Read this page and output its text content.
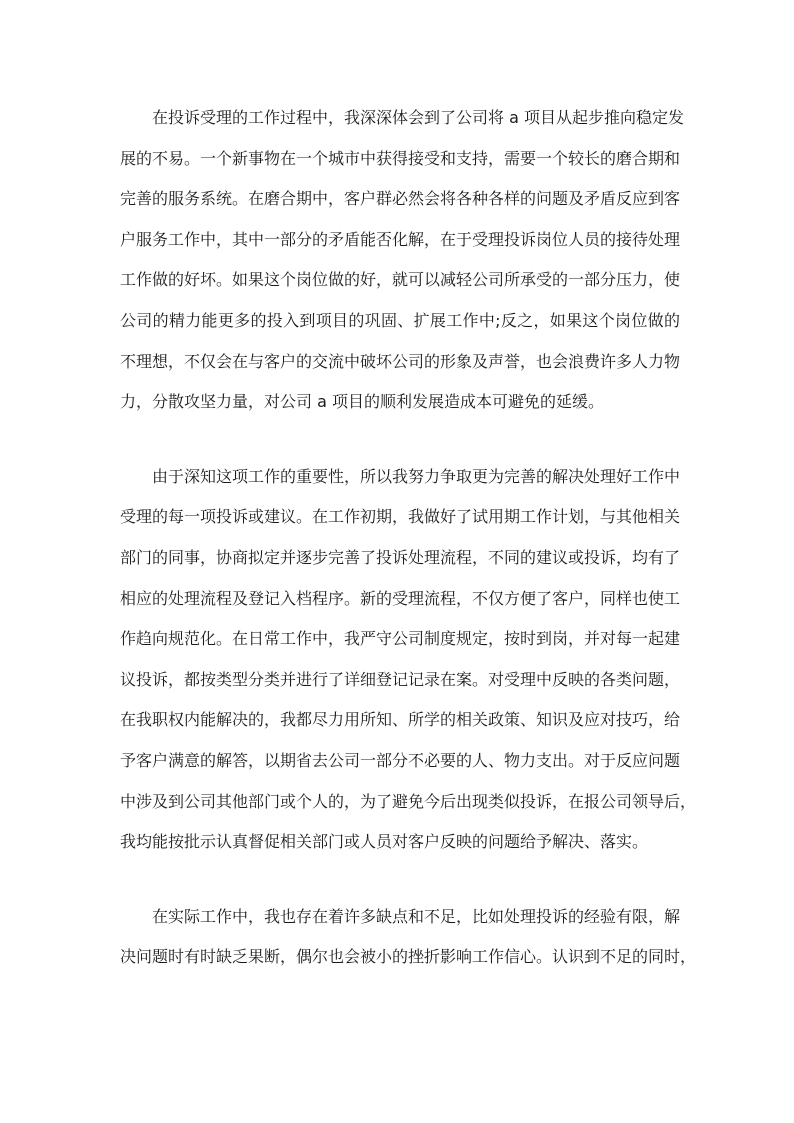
在投诉受理的工作过程中，我深深体会到了公司将 a 项目从起步推向稳定发
展的不易。一个新事物在一个城市中获得接受和支持，需要一个较长的磨合期和
完善的服务系统。在磨合期中，客户群必然会将各种各样的问题及矛盾反应到客
户服务工作中，其中一部分的矛盾能否化解，在于受理投诉岗位人员的接待处理
工作做的好坏。如果这个岗位做的好，就可以减轻公司所承受的一部分压力，使
公司的精力能更多的投入到项目的巩固、扩展工作中;反之，如果这个岗位做的
不理想，不仅会在与客户的交流中破坏公司的形象及声誉，也会浪费许多人力物
力，分散攻坚力量，对公司 a 项目的顺利发展造成本可避免的延缓。
由于深知这项工作的重要性，所以我努力争取更为完善的解决处理好工作中
受理的每一项投诉或建议。在工作初期，我做好了试用期工作计划，与其他相关
部门的同事，协商拟定并逐步完善了投诉处理流程，不同的建议或投诉，均有了
相应的处理流程及登记入档程序。新的受理流程，不仅方便了客户，同样也使工
作趋向规范化。在日常工作中，我严守公司制度规定，按时到岗，并对每一起建
议投诉，都按类型分类并进行了详细登记记录在案。对受理中反映的各类问题，
在我职权内能解决的，我都尽力用所知、所学的相关政策、知识及应对技巧，给
予客户满意的解答，以期省去公司一部分不必要的人、物力支出。对于反应问题
中涉及到公司其他部门或个人的，为了避免今后出现类似投诉，在报公司领导后，
我均能按批示认真督促相关部门或人员对客户反映的问题给予解决、落实。
在实际工作中，我也存在着许多缺点和不足，比如处理投诉的经验有限，解
决问题时有时缺乏果断，偶尔也会被小的挫折影响工作信心。认识到不足的同时，
